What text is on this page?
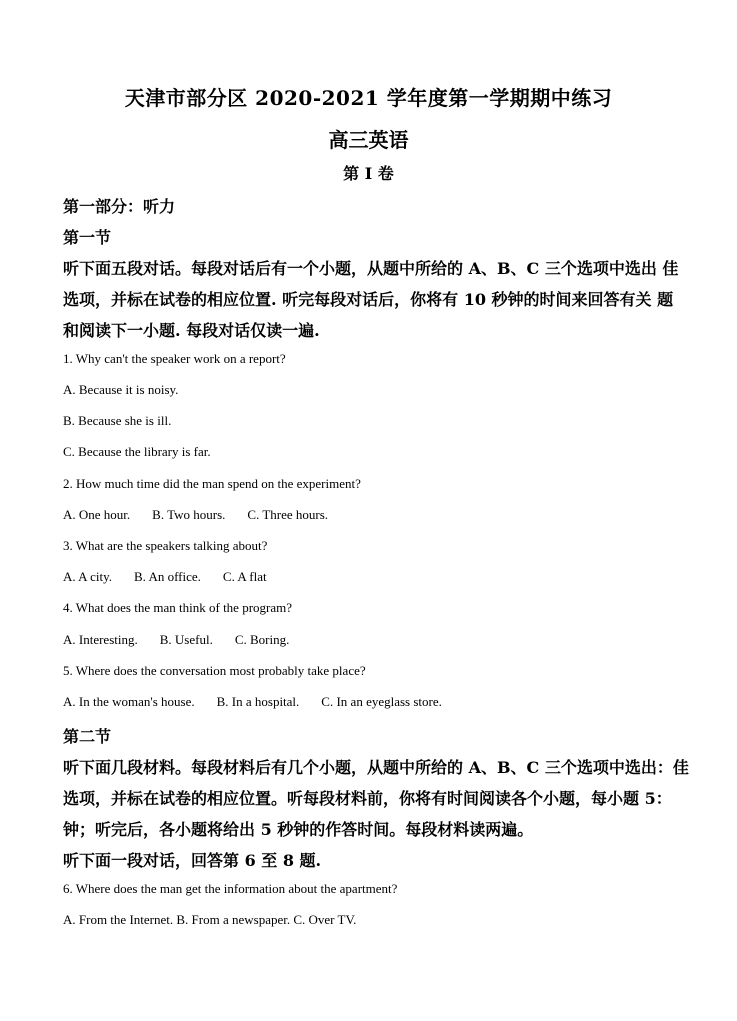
天津市部分区 2020-2021 学年度第一学期期中练习
高三英语
第 I 卷
第一部分：听力
第一节
听下面五段对话。每段对话后有一个小题，从题中所给的 A、B、C 三个选项中选出 佳
选项，并标在试卷的相应位置. 听完每段对话后，你将有 10 秒钟的时间来回答有关 题
和阅读下一小题. 每段对话仅读一遍.
1. Why can't the speaker work on a report?
A. Because it is noisy.
B. Because she is ill.
C. Because the library is far.
2. How much time did the man spend on the experiment?
A. One hour. B. Two hours. C. Three hours.
3. What are the speakers talking about?
A. A city. B. An office. C. A flat
4. What does the man think of the program?
A. Interesting. B. Useful. C. Boring.
5. Where does the conversation most probably take place?
A. In the woman's house. B. In a hospital. C. In an eyeglass store.
第二节
听下面几段材料。每段材料后有几个小题，从题中所给的 A、B、C 三个选项中选出：佳
选项，并标在试卷的相应位置。听每段材料前，你将有时间阅读各个小题，每小题 5：
钟；听完后，各小题将给出 5 秒钟的作答时间。每段材料读两遍。
听下面一段对话，回答第 6 至 8 题.
6. Where does the man get the information about the apartment?
A. From the Internet. B. From a newspaper. C. Over TV.
